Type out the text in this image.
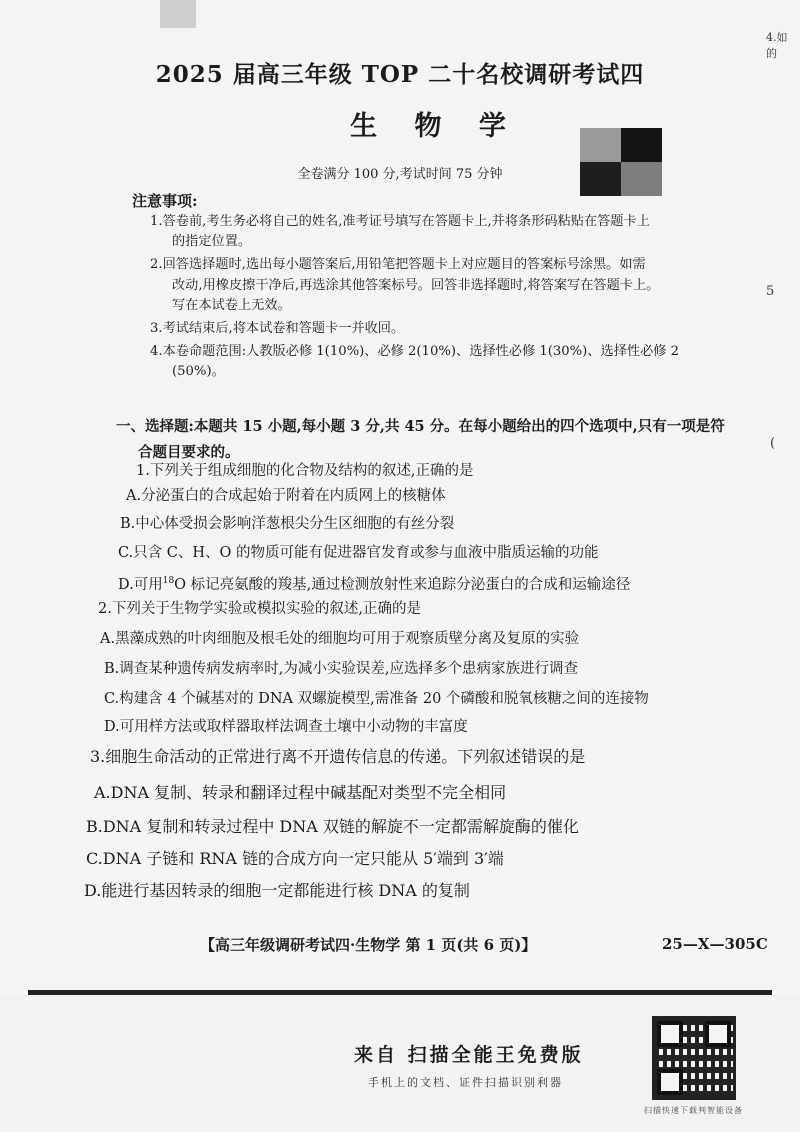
4.如
的
5
(
2025 届高三年级 TOP 二十名校调研考试四
生 物 学
全卷满分 100 分,考试时间 75 分钟
注意事项:
1.答卷前,考生务必将自己的姓名,准考证号填写在答题卡上,并将条形码粘贴在答题卡上
的指定位置。
2.回答选择题时,选出每小题答案后,用铅笔把答题卡上对应题目的答案标号涂黑。如需
改动,用橡皮擦干净后,再选涂其他答案标号。回答非选择题时,将答案写在答题卡上。
写在本试卷上无效。
3.考试结束后,将本试卷和答题卡一并收回。
4.本卷命题范围:人教版必修 1(10%)、必修 2(10%)、选择性必修 1(30%)、选择性必修 2
(50%)。
一、选择题:本题共 15 小题,每小题 3 分,共 45 分。在每小题给出的四个选项中,只有一项是符
合题目要求的。
1.下列关于组成细胞的化合物及结构的叙述,正确的是
A.分泌蛋白的合成起始于附着在内质网上的核糖体
B.中心体受损会影响洋葱根尖分生区细胞的有丝分裂
C.只含 C、H、O 的物质可能有促进器官发育或参与血液中脂质运输的功能
D.可用$^{18}$O 标记亮氨酸的羧基,通过检测放射性来追踪分泌蛋白的合成和运输途径
2.下列关于生物学实验或模拟实验的叙述,正确的是
A.黑藻成熟的叶肉细胞及根毛处的细胞均可用于观察质壁分离及复原的实验
B.调查某种遗传病发病率时,为减小实验误差,应选择多个患病家族进行调查
C.构建含 4 个碱基对的 DNA 双螺旋模型,需准备 20 个磷酸和脱氧核糖之间的连接物
D.可用样方法或取样器取样法调查土壤中小动物的丰富度
3.细胞生命活动的正常进行离不开遗传信息的传递。下列叙述错误的是
A.DNA 复制、转录和翻译过程中碱基配对类型不完全相同
B.DNA 复制和转录过程中 DNA 双链的解旋不一定都需解旋酶的催化
C.DNA 子链和 RNA 链的合成方向一定只能从 5′端到 3′端
D.能进行基因转录的细胞一定都能进行核 DNA 的复制
【高三年级调研考试四·生物学 第 1 页(共 6 页)】	25—X—305C
来自 扫描全能王免费版
手机上的文档、证件扫描识别利器
扫描快速下载判智能设备
